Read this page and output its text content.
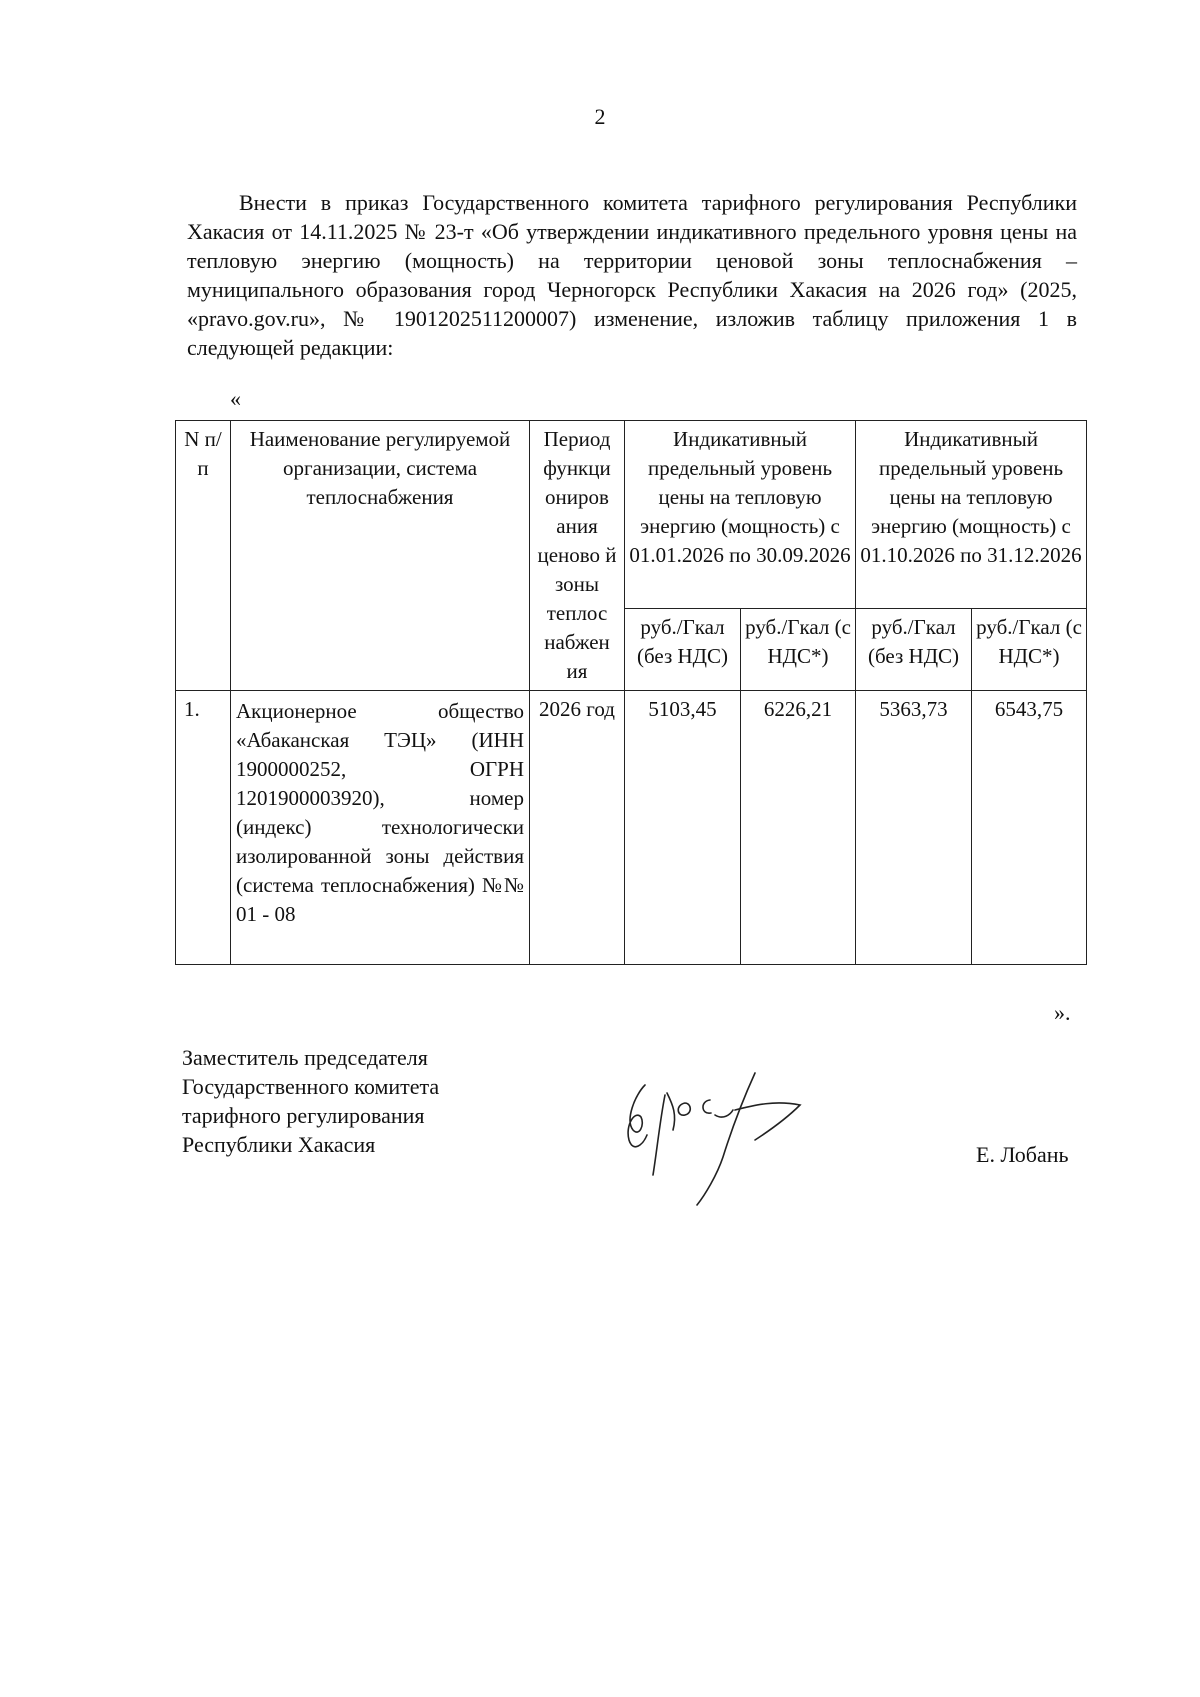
2
Внести в приказ Государственного комитета тарифного регулирования Республики Хакасия от 14.11.2025 № 23-т «Об утверждении индикативного предельного уровня цены на тепловую энергию (мощность) на территории ценовой зоны теплоснабжения – муниципального образования город Черногорск Республики Хакасия на 2026 год» (2025, «pravo.gov.ru», № 1901202511200007) изменение, изложив таблицу приложения 1 в следующей редакции:
«
N п/п	Наименование регулируемой организации, система теплоснабжения	Период функци ониров ания ценово й зоны теплос набжен ия	Индикативный предельный уровень цены на тепловую энергию (мощность) с 01.01.2026 по 30.09.2026		Индикативный предельный уровень цены на тепловую энергию (мощность) с 01.10.2026 по 31.12.2026	
			руб./Гкал (без НДС)	руб./Гкал (с НДС*)	руб./Гкал (без НДС)	руб./Гкал (с НДС*)
1.	Акционерное общество «Абаканская ТЭЦ» (ИНН 1900000252, ОГРН 1201900003920), номер (индекс) технологически изолированной зоны действия (система теплоснабжения) №№ 01 - 08	2026 год	5103,45	6226,21	5363,73	6543,75
».
Заместитель председателя
Государственного комитета
тарифного регулирования
Республики Хакасия	Е. Лобань
